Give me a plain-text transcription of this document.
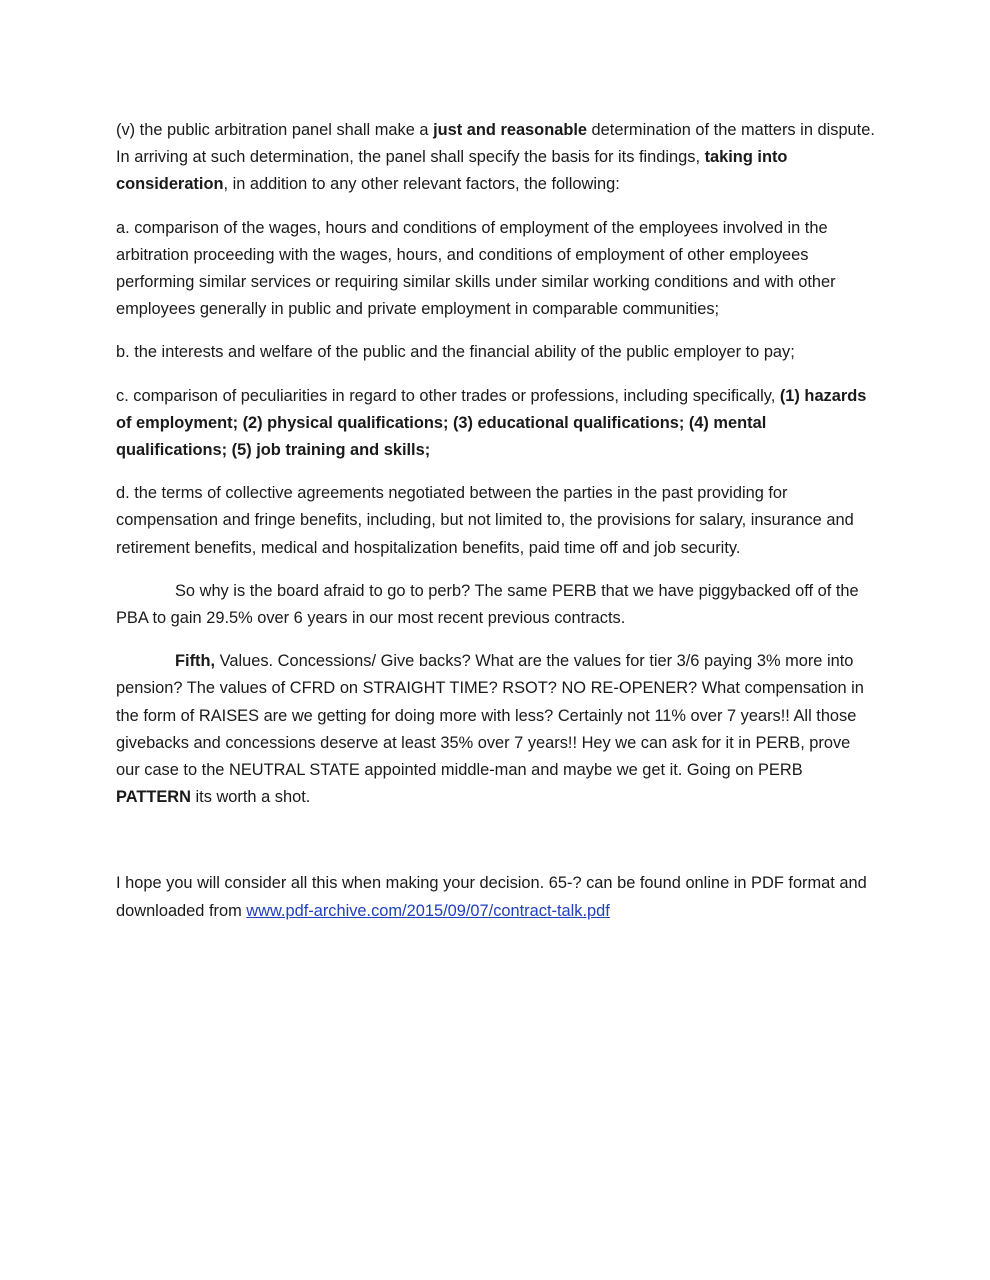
(v) the public arbitration panel shall make a just and reasonable determination of the matters in dispute. In arriving at such determination, the panel shall specify the basis for its findings, taking into consideration, in addition to any other relevant factors, the following:

a. comparison of the wages, hours and conditions of employment of the employees involved in the arbitration proceeding with the wages, hours, and conditions of employment of other employees performing similar services or requiring similar skills under similar working conditions and with other employees generally in public and private employment in comparable communities;

b. the interests and welfare of the public and the financial ability of the public employer to pay;

c. comparison of peculiarities in regard to other trades or professions, including specifically, (1) hazards of employment; (2) physical qualifications; (3) educational qualifications; (4) mental qualifications; (5) job training and skills;

d. the terms of collective agreements negotiated between the parties in the past providing for compensation and fringe benefits, including, but not limited to, the provisions for salary, insurance and retirement benefits, medical and hospitalization benefits, paid time off and job security.

So why is the board afraid to go to perb? The same PERB that we have piggybacked off of the PBA to gain 29.5% over 6 years in our most recent previous contracts.

Fifth, Values. Concessions/ Give backs? What are the values for tier 3/6 paying 3% more into pension? The values of CFRD on STRAIGHT TIME? RSOT? NO RE-OPENER? What compensation in the form of RAISES are we getting for doing more with less? Certainly not 11% over 7 years!! All those givebacks and concessions deserve at least 35% over 7 years!! Hey we can ask for it in PERB, prove our case to the NEUTRAL STATE appointed middle-man and maybe we get it. Going on PERB PATTERN its worth a shot.

I hope you will consider all this when making your decision. 65-? can be found online in PDF format and downloaded from www.pdf-archive.com/2015/09/07/contract-talk.pdf
